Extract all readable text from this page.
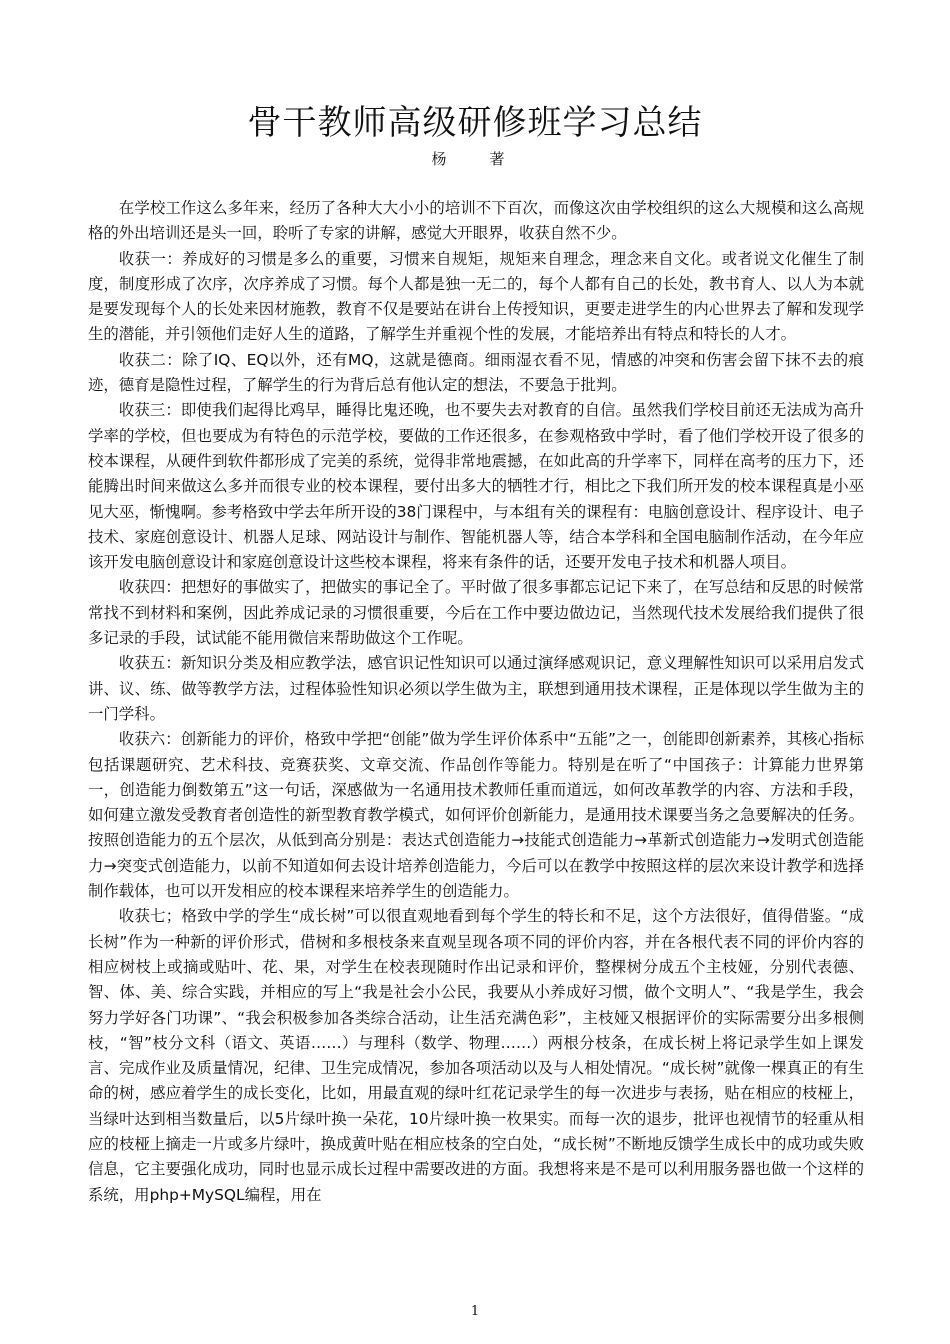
骨干教师高级研修班学习总结

杨　著

在学校工作这么多年来，经历了各种大大小小的培训不下百次，而像这次由学校组织的这么大规模和这么高规格的外出培训还是头一回，聆听了专家的讲解，感觉大开眼界，收获自然不少。

收获一：养成好的习惯是多么的重要，习惯来自规矩，规矩来自理念，理念来自文化。或者说文化催生了制度，制度形成了次序，次序养成了习惯。每个人都是独一无二的，每个人都有自己的长处，教书育人、以人为本就是要发现每个人的长处来因材施教，教育不仅是要站在讲台上传授知识，更要走进学生的内心世界去了解和发现学生的潜能，并引领他们走好人生的道路，了解学生并重视个性的发展，才能培养出有特点和特长的人才。

收获二：除了IQ、EQ以外，还有MQ，这就是德商。细雨湿衣看不见，情感的冲突和伤害会留下抹不去的痕迹，德育是隐性过程，了解学生的行为背后总有他认定的想法，不要急于批判。

收获三：即使我们起得比鸡早，睡得比鬼还晚，也不要失去对教育的自信。虽然我们学校目前还无法成为高升学率的学校，但也要成为有特色的示范学校，要做的工作还很多，在参观格致中学时，看了他们学校开设了很多的校本课程，从硬件到软件都形成了完美的系统，觉得非常地震撼，在如此高的升学率下，同样在高考的压力下，还能腾出时间来做这么多并而很专业的校本课程，要付出多大的牺牲才行，相比之下我们所开发的校本课程真是小巫见大巫，惭愧啊。参考格致中学去年所开设的38门课程中，与本组有关的课程有：电脑创意设计、程序设计、电子技术、家庭创意设计、机器人足球、网站设计与制作、智能机器人等，结合本学科和全国电脑制作活动，在今年应该开发电脑创意设计和家庭创意设计这些校本课程，将来有条件的话，还要开发电子技术和机器人项目。

收获四：把想好的事做实了，把做实的事记全了。平时做了很多事都忘记记下来了，在写总结和反思的时候常常找不到材料和案例，因此养成记录的习惯很重要，今后在工作中要边做边记，当然现代技术发展给我们提供了很多记录的手段，试试能不能用微信来帮助做这个工作呢。

收获五：新知识分类及相应教学法，感官识记性知识可以通过演绎感观识记，意义理解性知识可以采用启发式讲、议、练、做等教学方法，过程体验性知识必须以学生做为主，联想到通用技术课程，正是体现以学生做为主的一门学科。

收获六：创新能力的评价，格致中学把“创能”做为学生评价体系中“五能”之一，创能即创新素养，其核心指标包括课题研究、艺术科技、竞赛获奖、文章交流、作品创作等能力。特别是在听了“中国孩子：计算能力世界第一，创造能力倒数第五”这一句话，深感做为一名通用技术教师任重而道远，如何改革教学的内容、方法和手段，如何建立激发受教育者创造性的新型教育教学模式，如何评价创新能力，是通用技术课要当务之急要解决的任务。按照创造能力的五个层次，从低到高分别是：表达式创造能力→技能式创造能力→革新式创造能力→发明式创造能力→突变式创造能力，以前不知道如何去设计培养创造能力，今后可以在教学中按照这样的层次来设计教学和选择制作载体，也可以开发相应的校本课程来培养学生的创造能力。

收获七；格致中学的学生“成长树”可以很直观地看到每个学生的特长和不足，这个方法很好，值得借鉴。“成长树”作为一种新的评价形式，借树和多根枝条来直观呈现各项不同的评价内容，并在各根代表不同的评价内容的相应树枝上或摘或贴叶、花、果，对学生在校表现随时作出记录和评价，整棵树分成五个主枝娅，分别代表德、智、体、美、综合实践，并相应的写上“我是社会小公民，我要从小养成好习惯，做个文明人”、“我是学生，我会努力学好各门功课”、“我会积极参加各类综合活动，让生活充满色彩”，主枝娅又根据评价的实际需要分出多根侧枝，“智”枝分文科（语文、英语……）与理科（数学、物理……）两根分枝条，在成长树上将记录学生如上课发言、完成作业及质量情况，纪律、卫生完成情况，参加各项活动以及与人相处情况。“成长树”就像一棵真正的有生命的树，感应着学生的成长变化，比如，用最直观的绿叶红花记录学生的每一次进步与表扬，贴在相应的枝桠上，当绿叶达到相当数量后，以5片绿叶换一朵花，10片绿叶换一枚果实。而每一次的退步，批评也视情节的轻重从相应的枝桠上摘走一片或多片绿叶，换成黄叶贴在相应枝条的空白处，“成长树”不断地反馈学生成长中的成功或失败信息，它主要强化成功，同时也显示成长过程中需要改进的方面。我想将来是不是可以利用服务器也做一个这样的系统，用php+MySQL编程，用在

1
